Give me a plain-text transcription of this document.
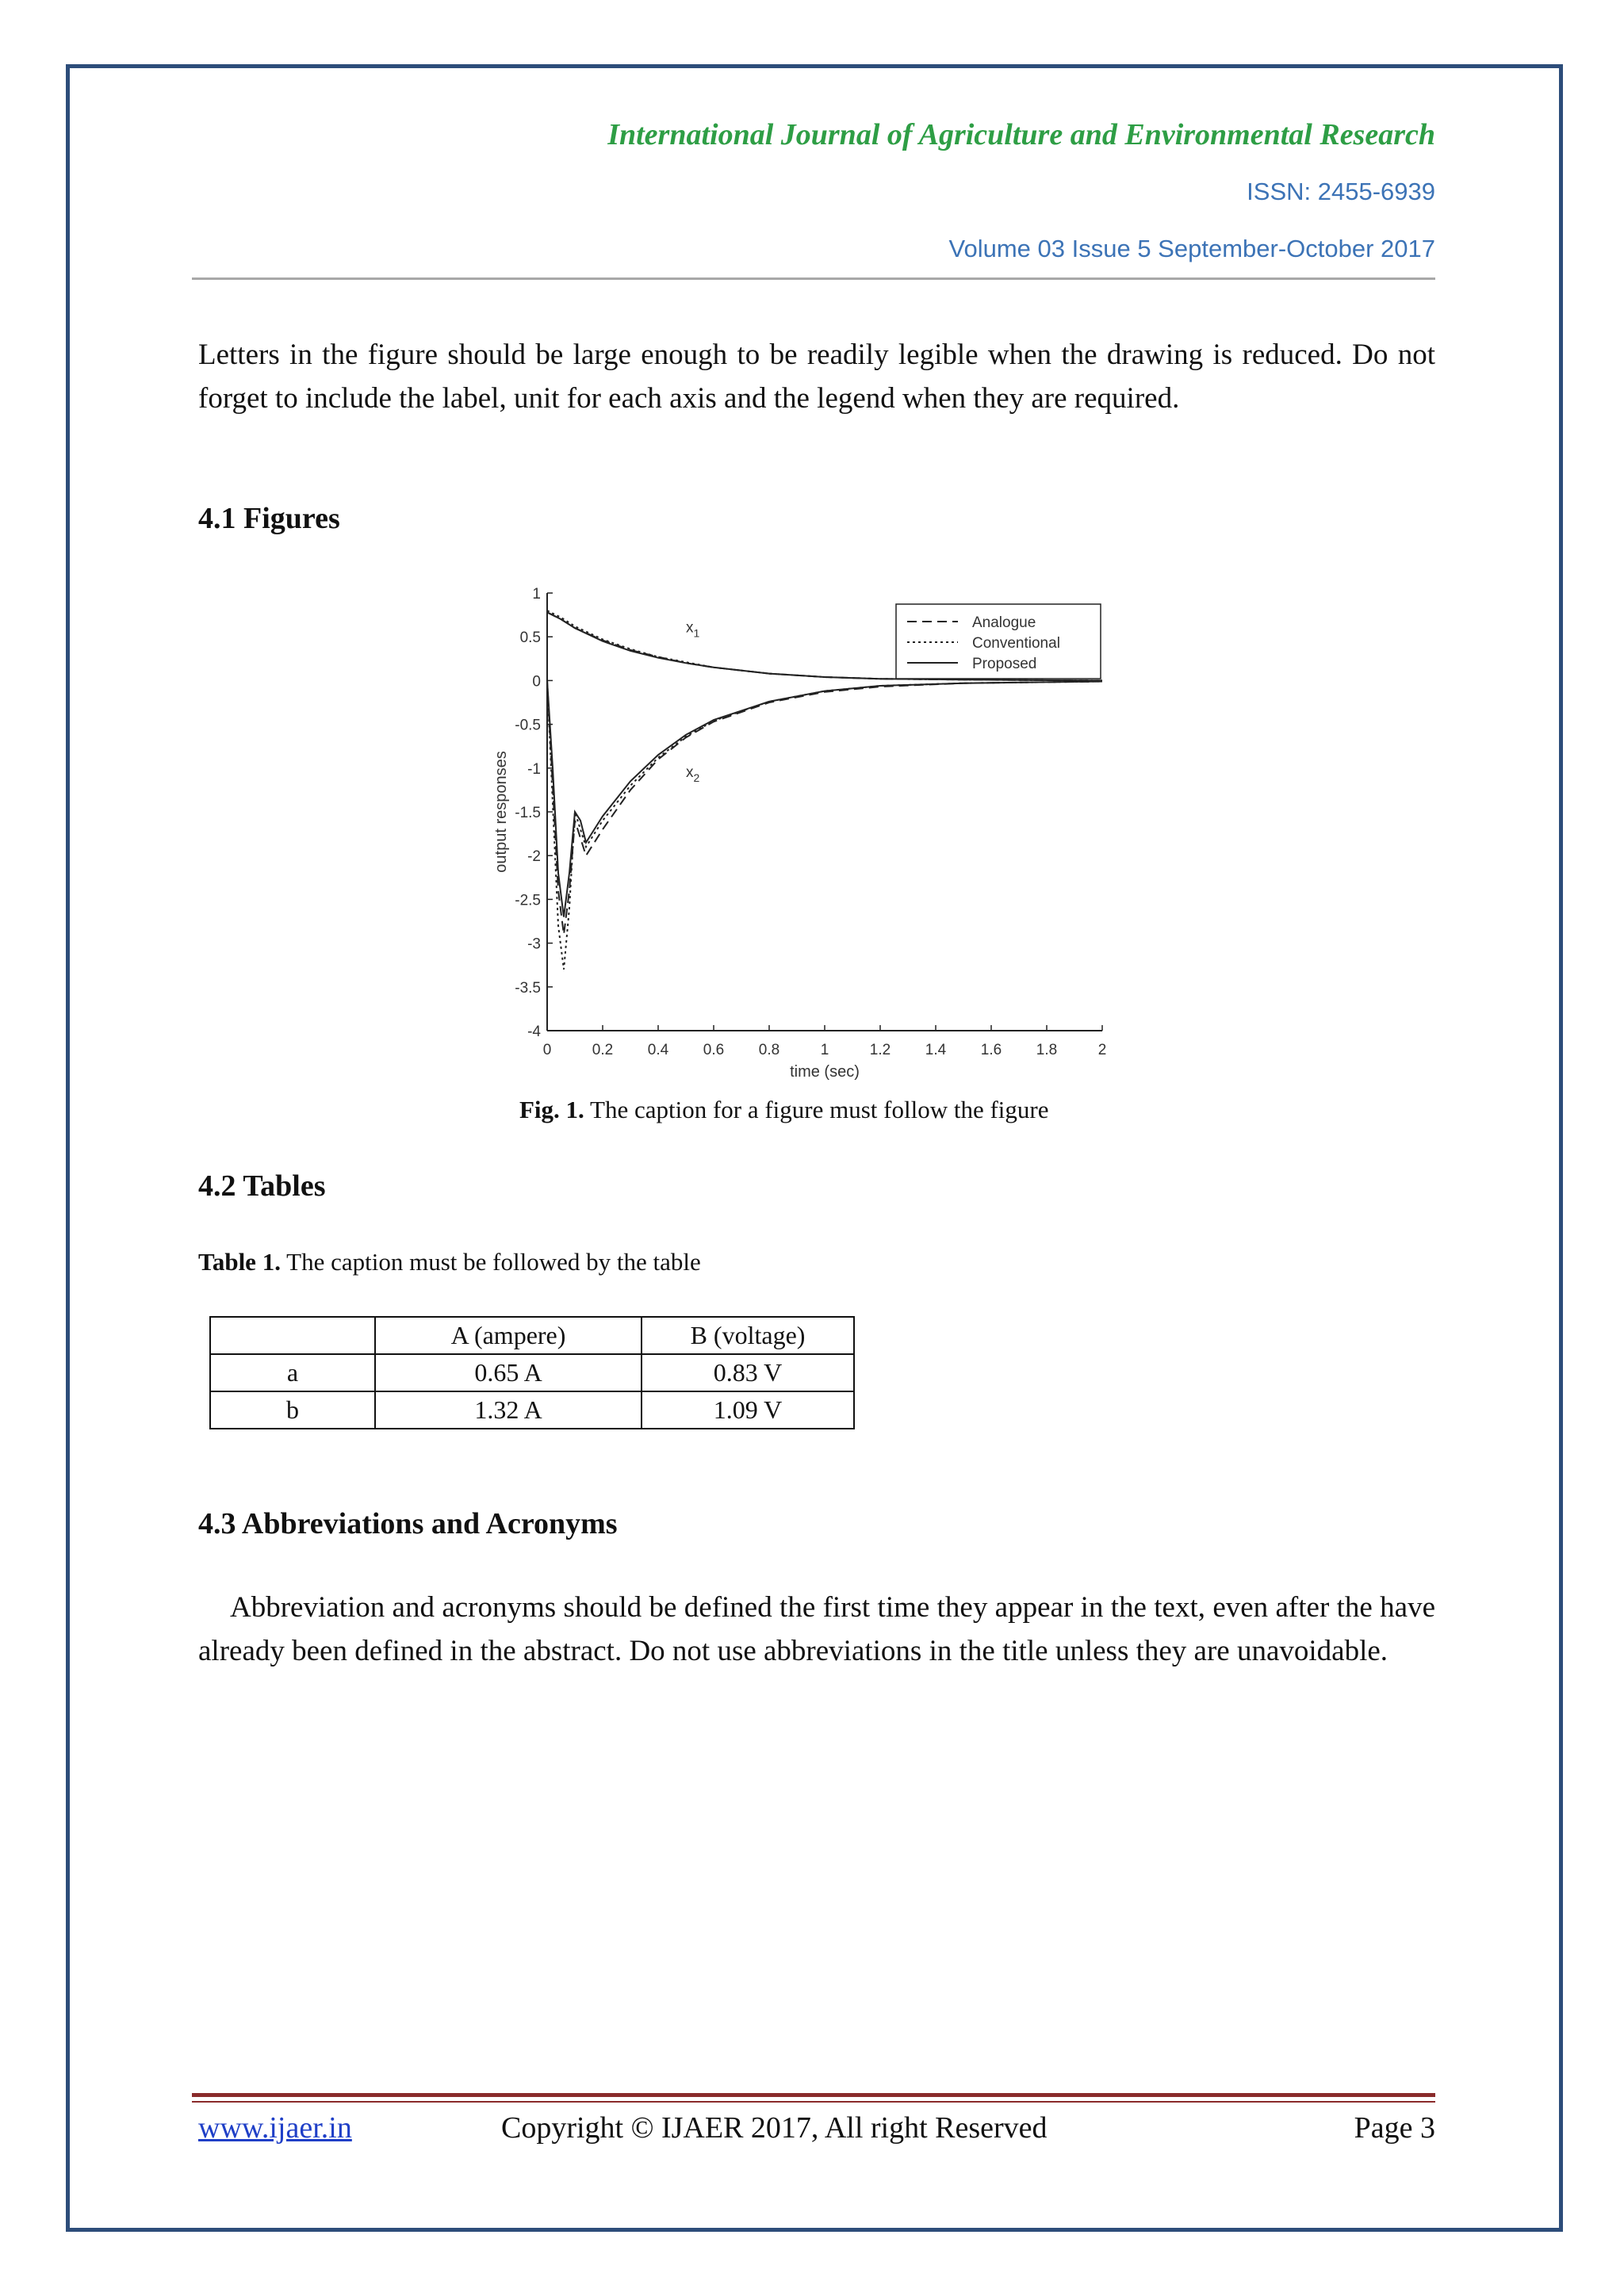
International Journal of Agriculture and Environmental Research
ISSN: 2455-6939
Volume 03 Issue 5 September-October 2017
Letters in the figure should be large enough to be readily legible when the drawing is reduced. Do not forget to include the label, unit for each axis and the legend when they are required.
4.1 Figures
0	0.2 0.4 0.6 0.8	1	1.2 1.4 1.6 1.8	2
1
0.5
0
-0.5
-1
-1.5
-2
-2.5
-3
-3.5
-4
time (sec)
output responses
$x_1$
$x_2$
Analogue
Conventional
Proposed
Fig. 1. The caption for a figure must follow the figure
4.2 Tables
Table 1. The caption must be followed by the table
	A (ampere)	B (voltage)
a	0.65 A	0.83 V
b	1.32 A	1.09 V
4.3 Abbreviations and Acronyms
Abbreviation and acronyms should be defined the first time they appear in the text, even after the have already been defined in the abstract. Do not use abbreviations in the title unless they are unavoidable.
www.ijaer.in	Copyright © IJAER 2017, All right Reserved	Page 3
